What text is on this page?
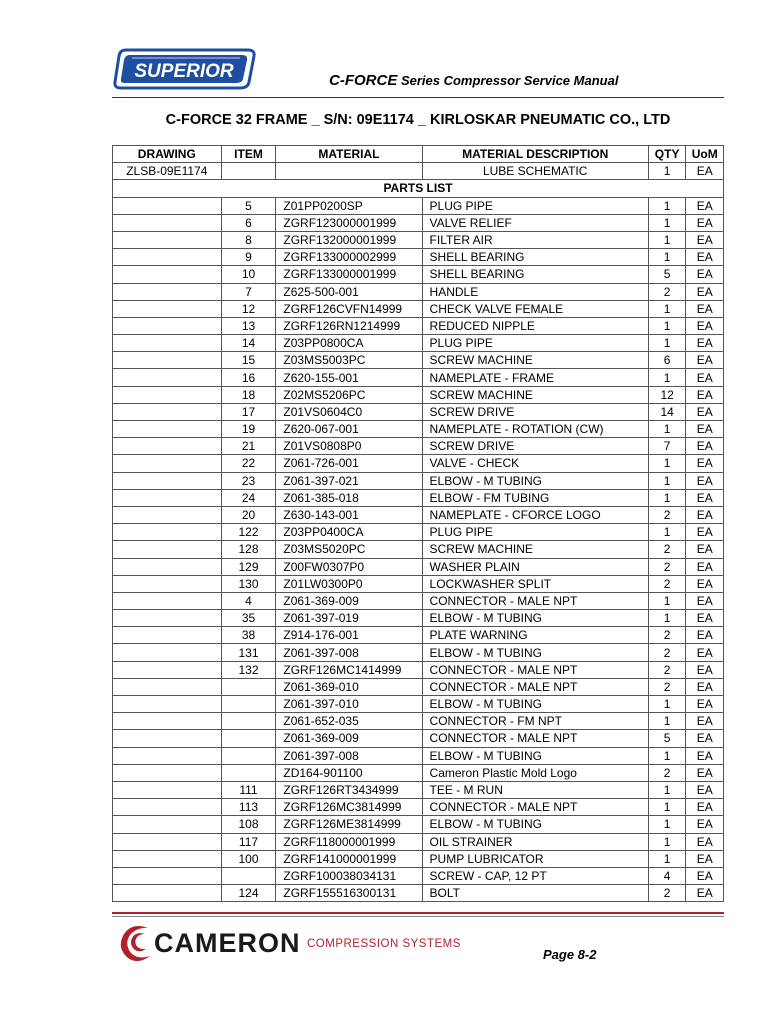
SUPERIOR	C-FORCE Series Compressor Service Manual
C-FORCE 32 FRAME _ S/N: 09E1174 _ KIRLOSKAR PNEUMATIC CO., LTD
DRAWING	ITEM	MATERIAL	MATERIAL DESCRIPTION	QTY	UoM
ZLSB-09E1174			LUBE SCHEMATIC	1	EA
PARTS LIST					
	5	Z01PP0200SP	PLUG PIPE	1	EA
	6	ZGRF123000001999	VALVE RELIEF	1	EA
	8	ZGRF132000001999	FILTER AIR	1	EA
	9	ZGRF133000002999	SHELL BEARING	1	EA
	10	ZGRF133000001999	SHELL BEARING	5	EA
	7	Z625-500-001	HANDLE	2	EA
	12	ZGRF126CVFN14999	CHECK VALVE FEMALE	1	EA
	13	ZGRF126RN1214999	REDUCED NIPPLE	1	EA
	14	Z03PP0800CA	PLUG PIPE	1	EA
	15	Z03MS5003PC	SCREW MACHINE	6	EA
	16	Z620-155-001	NAMEPLATE - FRAME	1	EA
	18	Z02MS5206PC	SCREW MACHINE	12	EA
	17	Z01VS0604C0	SCREW DRIVE	14	EA
	19	Z620-067-001	NAMEPLATE - ROTATION (CW)	1	EA
	21	Z01VS0808P0	SCREW DRIVE	7	EA
	22	Z061-726-001	VALVE - CHECK	1	EA
	23	Z061-397-021	ELBOW - M TUBING	1	EA
	24	Z061-385-018	ELBOW - FM TUBING	1	EA
	20	Z630-143-001	NAMEPLATE - CFORCE LOGO	2	EA
	122	Z03PP0400CA	PLUG PIPE	1	EA
	128	Z03MS5020PC	SCREW MACHINE	2	EA
	129	Z00FW0307P0	WASHER PLAIN	2	EA
	130	Z01LW0300P0	LOCKWASHER SPLIT	2	EA
	4	Z061-369-009	CONNECTOR - MALE NPT	1	EA
	35	Z061-397-019	ELBOW - M TUBING	1	EA
	38	Z914-176-001	PLATE WARNING	2	EA
	131	Z061-397-008	ELBOW - M TUBING	2	EA
	132	ZGRF126MC1414999	CONNECTOR - MALE NPT	2	EA
		Z061-369-010	CONNECTOR - MALE NPT	2	EA
		Z061-397-010	ELBOW - M TUBING	1	EA
		Z061-652-035	CONNECTOR - FM NPT	1	EA
		Z061-369-009	CONNECTOR - MALE NPT	5	EA
		Z061-397-008	ELBOW - M TUBING	1	EA
		ZD164-901100	Cameron Plastic Mold Logo	2	EA
	111	ZGRF126RT3434999	TEE - M RUN	1	EA
	113	ZGRF126MC3814999	CONNECTOR - MALE NPT	1	EA
	108	ZGRF126ME3814999	ELBOW - M TUBING	1	EA
	117	ZGRF118000001999	OIL STRAINER	1	EA
	100	ZGRF141000001999	PUMP LUBRICATOR	1	EA
		ZGRF100038034131	SCREW - CAP, 12 PT	4	EA
	124	ZGRF155516300131	BOLT	2	EA
CAMERON COMPRESSION SYSTEMS
Page 8-2
